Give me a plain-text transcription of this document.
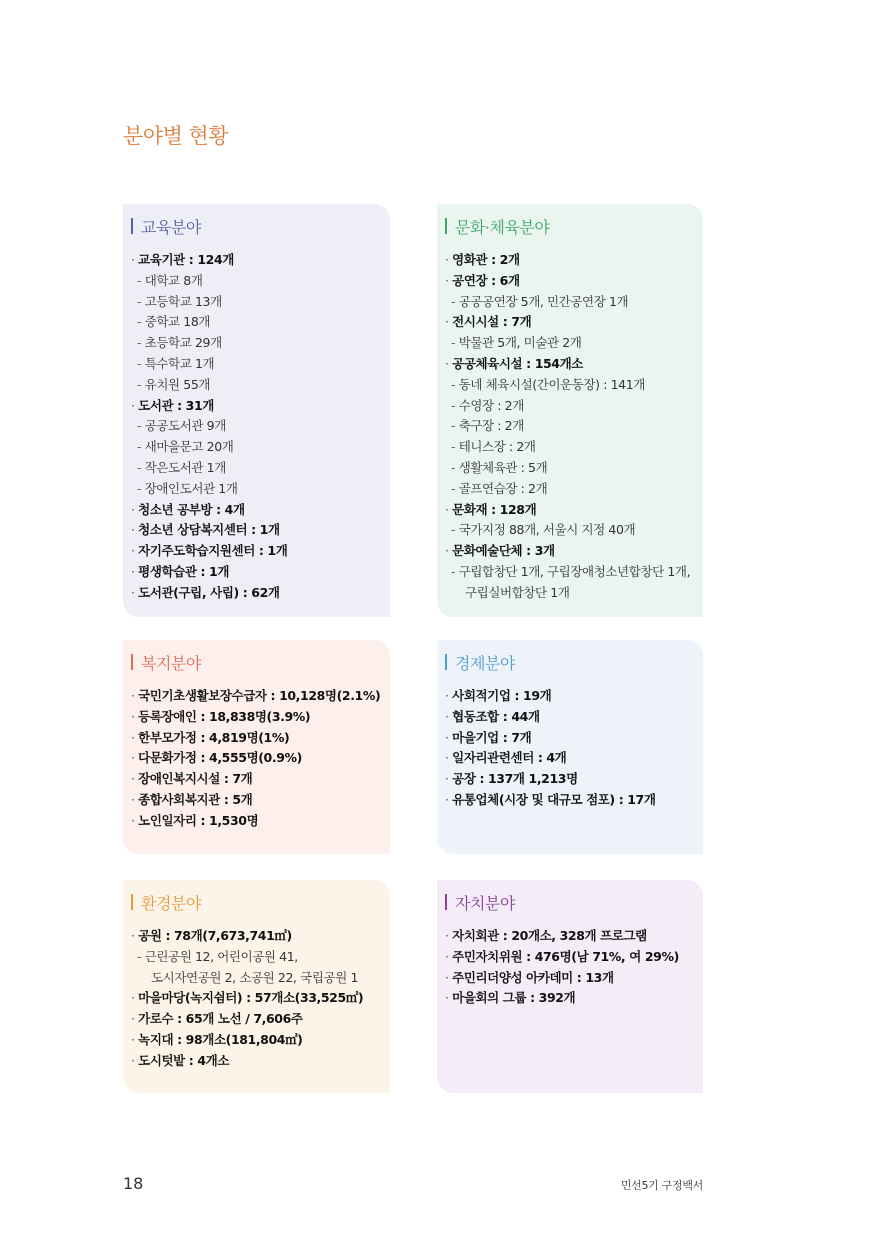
분야별 현황
교육분야
· 교육기관 : 124개
- 대학교 8개
- 고등학교 13개
- 중학교 18개
- 초등학교 29개
- 특수학교 1개
- 유치원 55개
· 도서관 : 31개
- 공공도서관 9개
- 새마을문고 20개
- 작은도서관 1개
- 장애인도서관 1개
· 청소년 공부방 : 4개
· 청소년 상담복지센터 : 1개
· 자기주도학습지원센터 : 1개
· 평생학습관 : 1개
· 도서관(구립, 사립) : 62개
문화·체육분야
· 영화관 : 2개
· 공연장 : 6개
- 공공공연장 5개, 민간공연장 1개
· 전시시설 : 7개
- 박물관 5개, 미술관 2개
· 공공체육시설 : 154개소
- 동네 체육시설(간이운동장) : 141개
- 수영장 : 2개
- 축구장 : 2개
- 테니스장 : 2개
- 생활체육관 : 5개
- 골프연습장 : 2개
· 문화재 : 128개
- 국가지정 88개, 서울시 지정 40개
· 문화예술단체 : 3개
- 구립합창단 1개, 구립장애청소년합창단 1개,
구립실버합창단 1개
복지분야
· 국민기초생활보장수급자 : 10,128명(2.1%)
· 등록장애인 : 18,838명(3.9%)
· 한부모가정 : 4,819명(1%)
· 다문화가정 : 4,555명(0.9%)
· 장애인복지시설 : 7개
· 종합사회복지관 : 5개
· 노인일자리 : 1,530명
경제분야
· 사회적기업 : 19개
· 협동조합 : 44개
· 마을기업 : 7개
· 일자리관련센터 : 4개
· 공장 : 137개 1,213명
· 유통업체(시장 및 대규모 점포) : 17개
환경분야
· 공원 : 78개(7,673,741㎡)
- 근린공원 12, 어린이공원 41,
도시자연공원 2, 소공원 22, 국립공원 1
· 마을마당(녹지쉼터) : 57개소(33,525㎡)
· 가로수 : 65개 노선 / 7,606주
· 녹지대 : 98개소(181,804㎡)
· 도시텃밭 : 4개소
자치분야
· 자치회관 : 20개소, 328개 프로그램
· 주민자치위원 : 476명(남 71%, 여 29%)
· 주민리더양성 아카데미 : 13개
· 마을회의 그룹 : 392개
18	민선5기 구정백서
